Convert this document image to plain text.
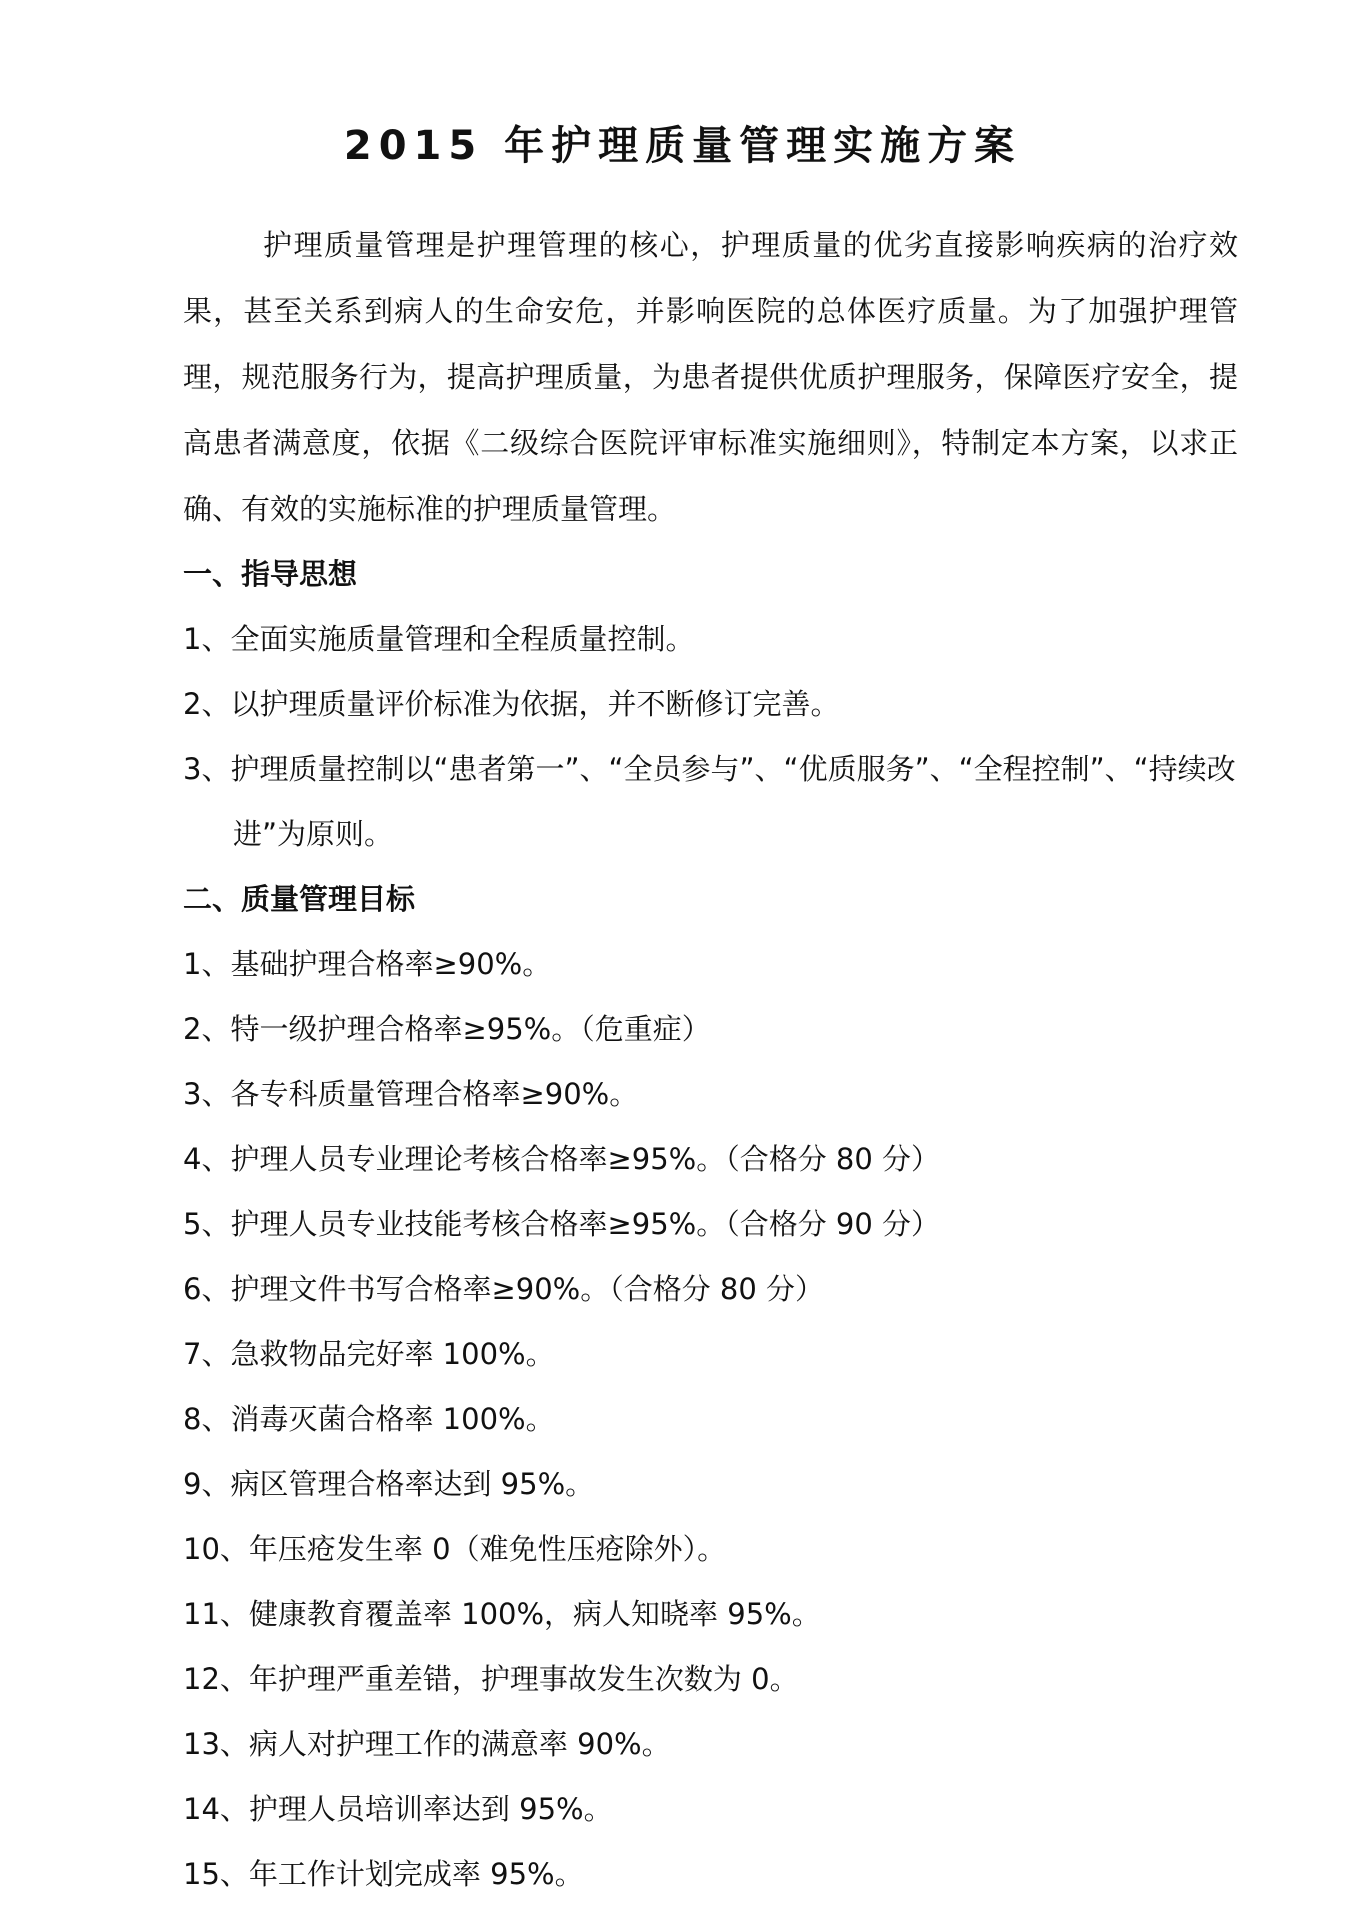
2015 年护理质量管理实施方案

护理质量管理是护理管理的核心，护理质量的优劣直接影响疾病的治疗效果，甚至关系到病人的生命安危，并影响医院的总体医疗质量。为了加强护理管理，规范服务行为，提高护理质量，为患者提供优质护理服务，保障医疗安全，提高患者满意度，依据《二级综合医院评审标准实施细则》，特制定本方案，以求正确、有效的实施标准的护理质量管理。

一、指导思想
1、全面实施质量管理和全程质量控制。
2、以护理质量评价标准为依据，并不断修订完善。
3、护理质量控制以“患者第一”、“全员参与”、“优质服务”、“全程控制”、“持续改进”为原则。
二、质量管理目标
1、基础护理合格率≥90%。
2、特一级护理合格率≥95%。（危重症）
3、各专科质量管理合格率≥90%。
4、护理人员专业理论考核合格率≥95%。（合格分 80 分）
5、护理人员专业技能考核合格率≥95%。（合格分 90 分）
6、护理文件书写合格率≥90%。（合格分 80 分）
7、急救物品完好率 100%。
8、消毒灭菌合格率 100%。
9、病区管理合格率达到 95%。
10、年压疮发生率 0（难免性压疮除外）。
11、健康教育覆盖率 100%，病人知晓率 95%。
12、年护理严重差错，护理事故发生次数为 0。
13、病人对护理工作的满意率 90%。
14、护理人员培训率达到 95%。
15、年工作计划完成率 95%。
